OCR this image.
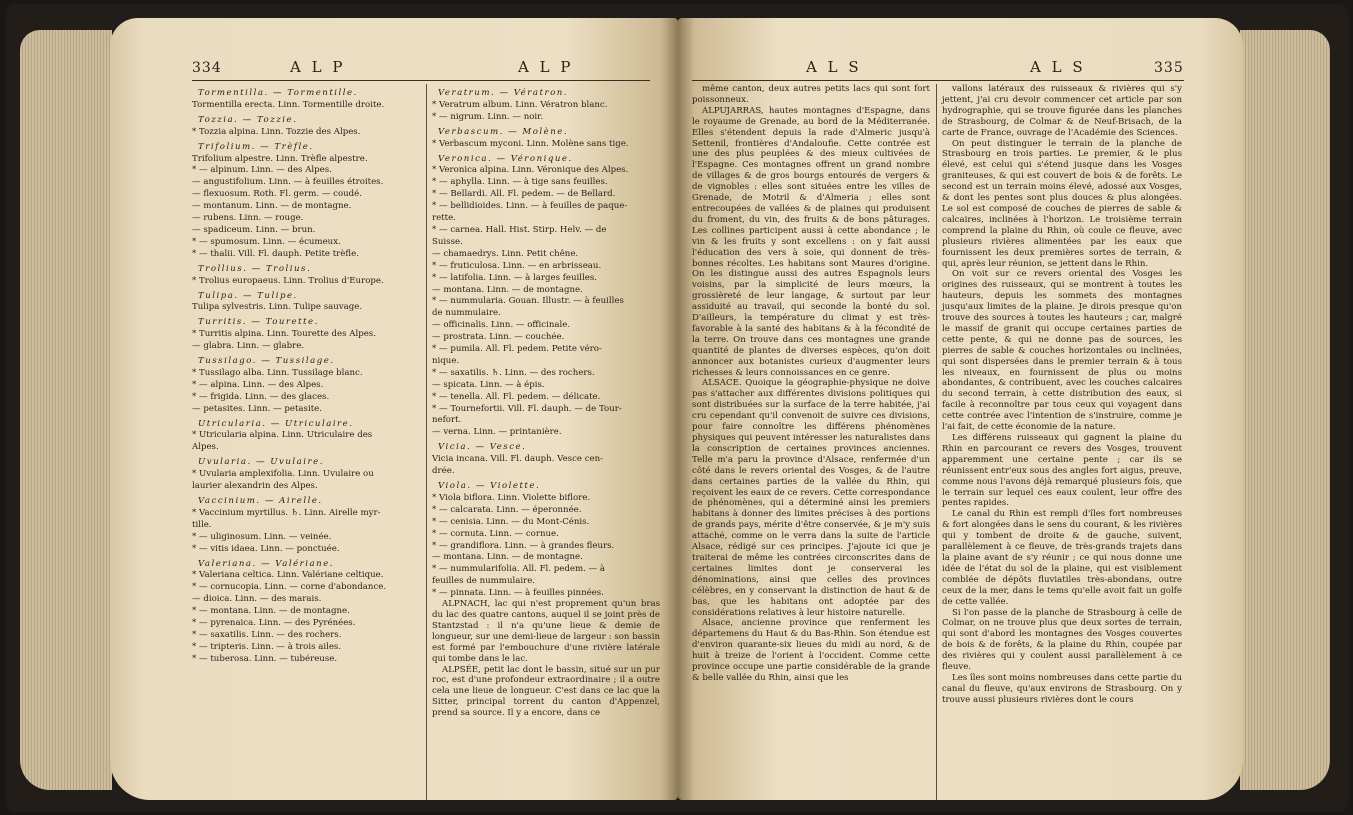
334	A L P	A L P
Tormentilla. — Tormentille.
Tormentilla erecta. Linn. Tormentille droite.
Tozzia. — Tozzie.
* Tozzia alpina. Linn. Tozzie des Alpes.
Trifolium. — Trèfle.
Trifolium alpestre. Linn. Trèfle alpestre.
* — alpinum. Linn. — des Alpes.
— angustifolium. Linn. — à feuilles étroites.
— flexuosum. Roth. Fl. germ. — coudé.
— montanum. Linn. — de montagne.
— rubens. Linn. — rouge.
— spadiceum. Linn. — brun.
* — spumosum. Linn. — écumeux.
* — thalii. Vill. Fl. dauph. Petite trèfle.
Trollius. — Trolius.
* Trolius europaeus. Linn. Trolius d'Europe.
Tulipa. — Tulipe.
Tulipa sylvestris. Linn. Tulipe sauvage.
Turritis. — Tourette.
* Turritis alpina. Linn. Tourette des Alpes.
— glabra. Linn. — glabre.
Tussilago. — Tussilage.
* Tussilago alba. Linn. Tussilage blanc.
* — alpina. Linn. — des Alpes.
* — frigida. Linn. — des glaces.
— petasites. Linn. — petasite.
Utricularia. — Utriculaire.
* Utricularia alpina. Linn. Utriculaire des
Alpes.
Uvularia. — Uvulaire.
* Uvularia amplexifolia. Linn. Uvulaire ou
laurier alexandrin des Alpes.
Vaccinium. — Airelle.
* Vaccinium myrtillus. ♄. Linn. Airelle myr-
tille.
* — uliginosum. Linn. — veinée.
* — vitis idaea. Linn. — ponctuée.
Valeriana. — Valériane.
* Valeriana celtica. Linn. Valériane celtique.
* — cornucopia. Linn. — corne d'abondance.
— dioica. Linn. — des marais.
* — montana. Linn. — de montagne.
* — pyrenaica. Linn. — des Pyrénées.
* — saxatilis. Linn. — des rochers.
* — tripteris. Linn. — à trois ailes.
* — tuberosa. Linn. — tubéreuse.
Veratrum. — Vératron.
* Veratrum album. Linn. Vératron blanc.
* — nigrum. Linn. — noir.
Verbascum. — Molène.
* Verbascum myconi. Linn. Molène sans tige.
Veronica. — Véronique.
* Veronica alpina. Linn. Véronique des Alpes.
* — aphylla. Linn. — à tige sans feuilles.
* — Bellardi. All. Fl. pedem. — de Bellard.
* — bellidioides. Linn. — à feuilles de paque-
rette.
* — carnea. Hall. Hist. Stirp. Helv. — de
Suisse.
— chamaedrys. Linn. Petit chêne.
* — fruticulosa. Linn. — en arbrisseau.
* — latifolia. Linn. — à larges feuilles.
— montana. Linn. — de montagne.
* — nummularia. Gouan. Illustr. — à feuilles
de nummulaire.
— officinalis. Linn. — officinale.
— prostrata. Linn. — couchée.
* — pumila. All. Fl. pedem. Petite véro-
nique.
* — saxatilis. ♄. Linn. — des rochers.
— spicata. Linn. — à épis.
* — tenella. All. Fl. pedem. — délicate.
* — Tournefortii. Vill. Fl. dauph. — de Tour-
nefort.
— verna. Linn. — printanière.
Vicia. — Vesce.
Vicia incana. Vill. Fl. dauph. Vesce cen-
drée.
Viola. — Violette.
* Viola biflora. Linn. Violette biflore.
* — calcarata. Linn. — éperonnée.
* — cenisia. Linn. — du Mont-Cénis.
* — cornuta. Linn. — cornue.
* — grandiflora. Linn. — à grandes fleurs.
— montana. Linn. — de montagne.
* — nummularifolia. All. Fl. pedem. — à
feuilles de nummulaire.
* — pinnata. Linn. — à feuilles pinnées.
ALPNACH, lac qui n'est proprement qu'un bras du lac des quatre cantons, auquel il se joint près de Stantzstad : il n'a qu'une lieue & demie de longueur, sur une demi-lieue de largeur : son bassin est formé par l'embouchure d'une rivière latérale qui tombe dans le lac.
ALPSÉE, petit lac dont le bassin, situé sur un pur roc, est d'une profondeur extraordinaire ; il a outre cela une lieue de longueur. C'est dans ce lac que la Sitter, principal torrent du canton d'Appenzel, prend sa source. Il y a encore, dans ce
A L S	A L S	335
même canton, deux autres petits lacs qui sont fort poissonneux.
ALPUJARRAS, hautes montagnes d'Espagne, dans le royaume de Grenade, au bord de la Méditerranée. Elles s'étendent depuis la rade d'Almeric jusqu'à Settenil, frontières d'Andaloufie. Cette contrée est une des plus peuplées & des mieux cultivées de l'Espagne. Ces montagnes offrent un grand nombre de villages & de gros bourgs entourés de vergers & de vignobles : elles sont situées entre les villes de Grenade, de Motril & d'Almeria ; elles sont entrecoupées de vallées & de plaines qui produisent du froment, du vin, des fruits & de bons pâturages. Les collines participent aussi à cette abondance ; le vin & les fruits y sont excellens : on y fait aussi l'éducation des vers à soie, qui donnent de très-bonnes récoltes. Les habitans sont Maures d'origine. On les distingue aussi des autres Espagnols leurs voisins, par la simplicité de leurs mœurs, la grossièreté de leur langage, & surtout par leur assiduité au travail, qui seconde la bonté du sol. D'ailleurs, la température du climat y est très-favorable à la santé des habitans & à la fécondité de la terre. On trouve dans ces montagnes une grande quantité de plantes de diverses espèces, qu'on doit annoncer aux botanistes curieux d'augmenter leurs richesses & leurs connoissances en ce genre.
ALSACE. Quoique la géographie-physique ne doive pas s'attacher aux différentes divisions politiques qui sont distribuées sur la surface de la terre habitée, j'ai cru cependant qu'il convenoit de suivre ces divisions, pour faire connoître les différens phénomènes physiques qui peuvent intéresser les naturalistes dans la conscription de certaines provinces anciennes. Telle m'a paru la province d'Alsace, renfermée d'un côté dans le revers oriental des Vosges, & de l'autre dans certaines parties de la vallée du Rhin, qui reçoivent les eaux de ce revers. Cette correspondance de phénomènes, qui a déterminé ainsi les premiers habitans à donner des limites précises à des portions de grands pays, mérite d'être conservée, & je m'y suis attaché, comme on le verra dans la suite de l'article Alsace, rédigé sur ces principes. J'ajoute ici que je traiterai de même les contrées circonscrites dans de certaines limites dont je conserverai les dénominations, ainsi que celles des provinces célèbres, en y conservant la distinction de haut & de bas, que les habitans ont adoptée par des considérations relatives à leur histoire naturelle.
Alsace, ancienne province que renferment les départemens du Haut & du Bas-Rhin. Son étendue est d'environ quarante-six lieues du midi au nord, & de huit à treize de l'orient à l'occident. Comme cette province occupe une partie considérable de la grande & belle vallée du Rhin, ainsi que les
vallons latéraux des ruisseaux & rivières qui s'y jettent, j'ai cru devoir commencer cet article par son hydrographie, qui se trouve figurée dans les planches de Strasbourg, de Colmar & de Neuf-Brisach, de la carte de France, ouvrage de l'Académie des Sciences.
On peut distinguer le terrain de la planche de Strasbourg en trois parties. Le premier, & le plus élevé, est celui qui s'étend jusque dans les Vosges graniteuses, & qui est couvert de bois & de forêts. Le second est un terrain moins élevé, adossé aux Vosges, & dont les pentes sont plus douces & plus alongées. Le sol est composé de couches de pierres de sable & calcaires, inclinées à l'horizon. Le troisième terrain comprend la plaine du Rhin, où coule ce fleuve, avec plusieurs rivières alimentées par les eaux que fournissent les deux premières sortes de terrain, & qui, après leur réunion, se jettent dans le Rhin.
On voit sur ce revers oriental des Vosges les origines des ruisseaux, qui se montrent à toutes les hauteurs, depuis les sommets des montagnes jusqu'aux limites de la plaine. Je dirois presque qu'on trouve des sources à toutes les hauteurs ; car, malgré le massif de granit qui occupe certaines parties de cette pente, & qui ne donne pas de sources, les pierres de sable & couches horizontales ou inclinées, qui sont dispersées dans le premier terrain & à tous les niveaux, en fournissent de plus ou moins abondantes, & contribuent, avec les couches calcaires du second terrain, à cette distribution des eaux, si facile à reconnoître par tous ceux qui voyagent dans cette contrée avec l'intention de s'instruire, comme je l'ai fait, de cette économie de la nature.
Les différens ruisseaux qui gagnent la plaine du Rhin en parcourant ce revers des Vosges, trouvent apparemment une certaine pente ; car ils se réunissent entr'eux sous des angles fort aigus, preuve, comme nous l'avons déjà remarqué plusieurs fois, que le terrain sur lequel ces eaux coulent, leur offre des pentes rapides.
Le canal du Rhin est rempli d'îles fort nombreuses & fort alongées dans le sens du courant, & les rivières qui y tombent de droite & de gauche, suivent, parallèlement à ce fleuve, de très-grands trajets dans la plaine avant de s'y réunir ; ce qui nous donne une idée de l'état du sol de la plaine, qui est visiblement comblée de dépôts fluviatiles très-abondans, outre ceux de la mer, dans le tems qu'elle avoit fait un golfe de cette vallée.
Si l'on passe de la planche de Strasbourg à celle de Colmar, on ne trouve plus que deux sortes de terrain, qui sont d'abord les montagnes des Vosges couvertes de bois & de forêts, & la plaine du Rhin, coupée par des rivières qui y coulent aussi parallèlement à ce fleuve.
Les îles sont moins nombreuses dans cette partie du canal du fleuve, qu'aux environs de Strasbourg. On y trouve aussi plusieurs rivières dont le cours
